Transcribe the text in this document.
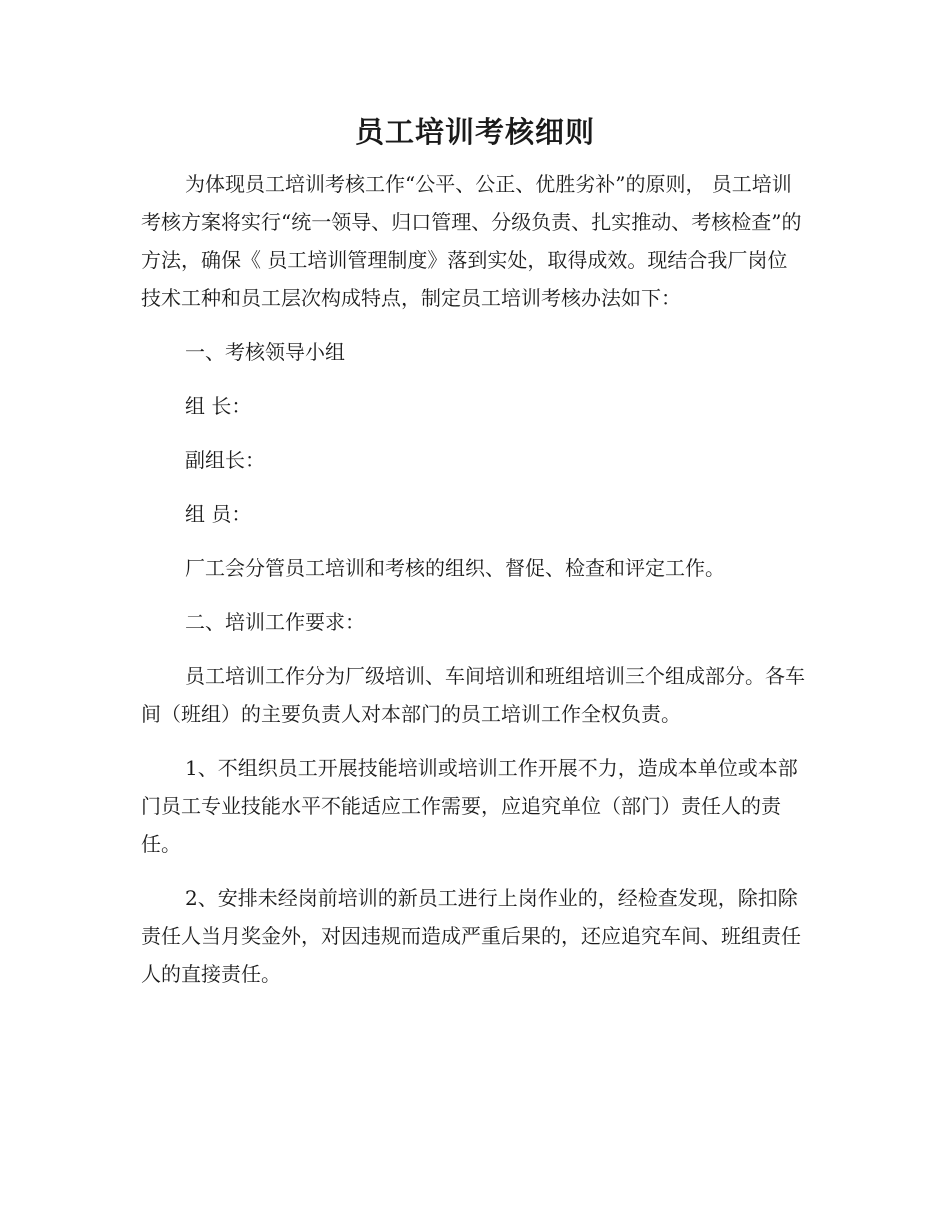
员工培训考核细则

为体现员工培训考核工作“公平、公正、优胜劣补”的原则， 员工培训考核方案将实行“统一领导、归口管理、分级负责、扎实推动、考核检查”的方法，确保《 员工培训管理制度》落到实处，取得成效。现结合我厂岗位技术工种和员工层次构成特点，制定员工培训考核办法如下：

一、考核领导小组

组 长：

副组长：

组 员：

厂工会分管员工培训和考核的组织、督促、检查和评定工作。

二、培训工作要求：

员工培训工作分为厂级培训、车间培训和班组培训三个组成部分。各车间（班组）的主要负责人对本部门的员工培训工作全权负责。

1、不组织员工开展技能培训或培训工作开展不力，造成本单位或本部门员工专业技能水平不能适应工作需要，应追究单位（部门）责任人的责任。

2、安排未经岗前培训的新员工进行上岗作业的，经检查发现，除扣除责任人当月奖金外，对因违规而造成严重后果的，还应追究车间、班组责任人的直接责任。
